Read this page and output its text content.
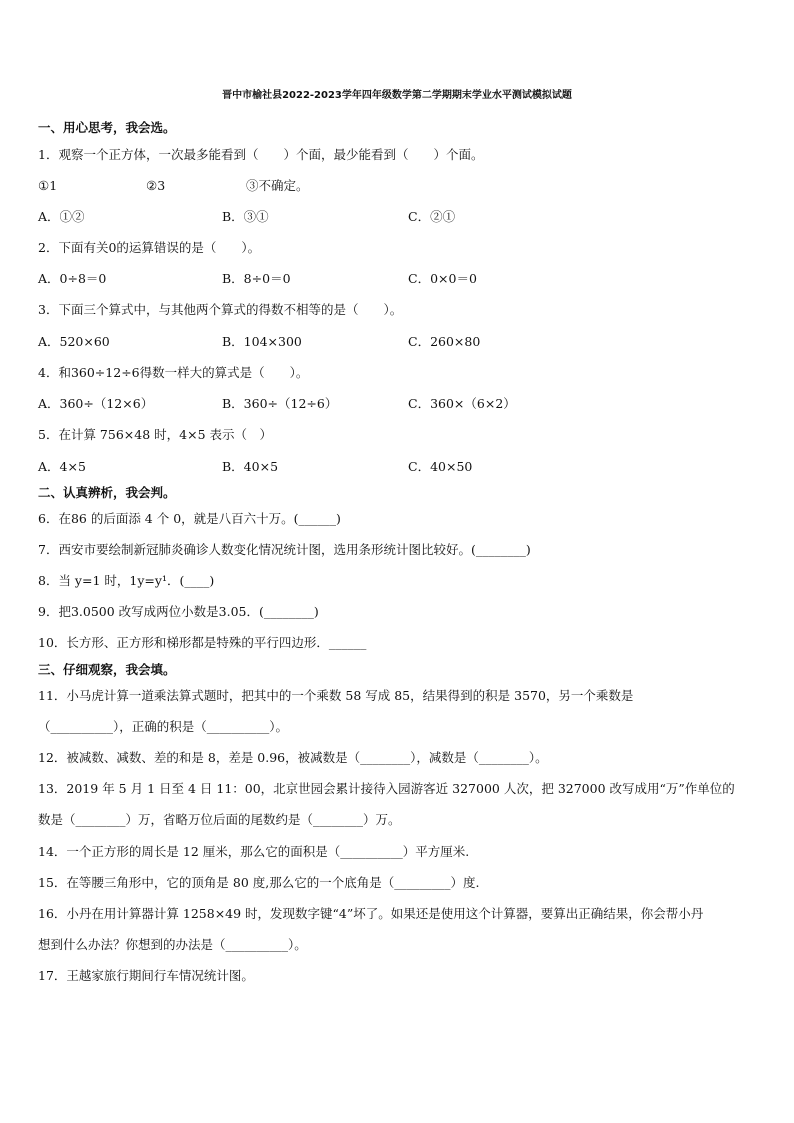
晋中市榆社县2022-2023学年四年级数学第二学期期末学业水平测试模拟试题
一、用心思考，我会选。
1．观察一个正方体，一次最多能看到（　　）个面，最少能看到（　　）个面。
①1	②3	③不确定。
A．①②	B．③①	C．②①
2．下面有关0的运算错误的是（　　）。
A．0÷8＝0	B．8÷0＝0	C．0×0＝0
3．下面三个算式中，与其他两个算式的得数不相等的是（　　）。
A．520×60	B．104×300	C．260×80
4．和360÷12÷6得数一样大的算式是（　　）。
A．360÷（12×6）	B．360÷（12÷6）	C．360×（6×2）
5．在计算 756×48 时，4×5 表示（　）
A．4×5	B．40×5	C．40×50
二、认真辨析，我会判。
6．在86 的后面添 4 个 0，就是八百六十万。(______)
7．西安市要绘制新冠肺炎确诊人数变化情况统计图，选用条形统计图比较好。(________)
8．当 y=1 时，1y=y¹．(____)
9．把3.0500 改写成两位小数是3.05．(________)
10．长方形、正方形和梯形都是特殊的平行四边形．______
三、仔细观察，我会填。
11．小马虎计算一道乘法算式题时，把其中的一个乘数 58 写成 85，结果得到的积是 3570，另一个乘数是
（__________），正确的积是（__________）。
12．被减数、减数、差的和是 8，差是 0.96，被减数是（________），减数是（________）。
13．2019 年 5 月 1 日至 4 日 11：00，北京世园会累计接待入园游客近 327000 人次，把 327000 改写成用“万”作单位的
数是（________）万，省略万位后面的尾数约是（________）万。
14．一个正方形的周长是 12 厘米，那么它的面积是（__________）平方厘米.
15．在等腰三角形中，它的顶角是 80 度,那么它的一个底角是（_________）度.
16．小丹在用计算器计算 1258×49 时，发现数字键“4”坏了。如果还是使用这个计算器，要算出正确结果，你会帮小丹
想到什么办法？你想到的办法是（__________）。
17．王越家旅行期间行车情况统计图。
